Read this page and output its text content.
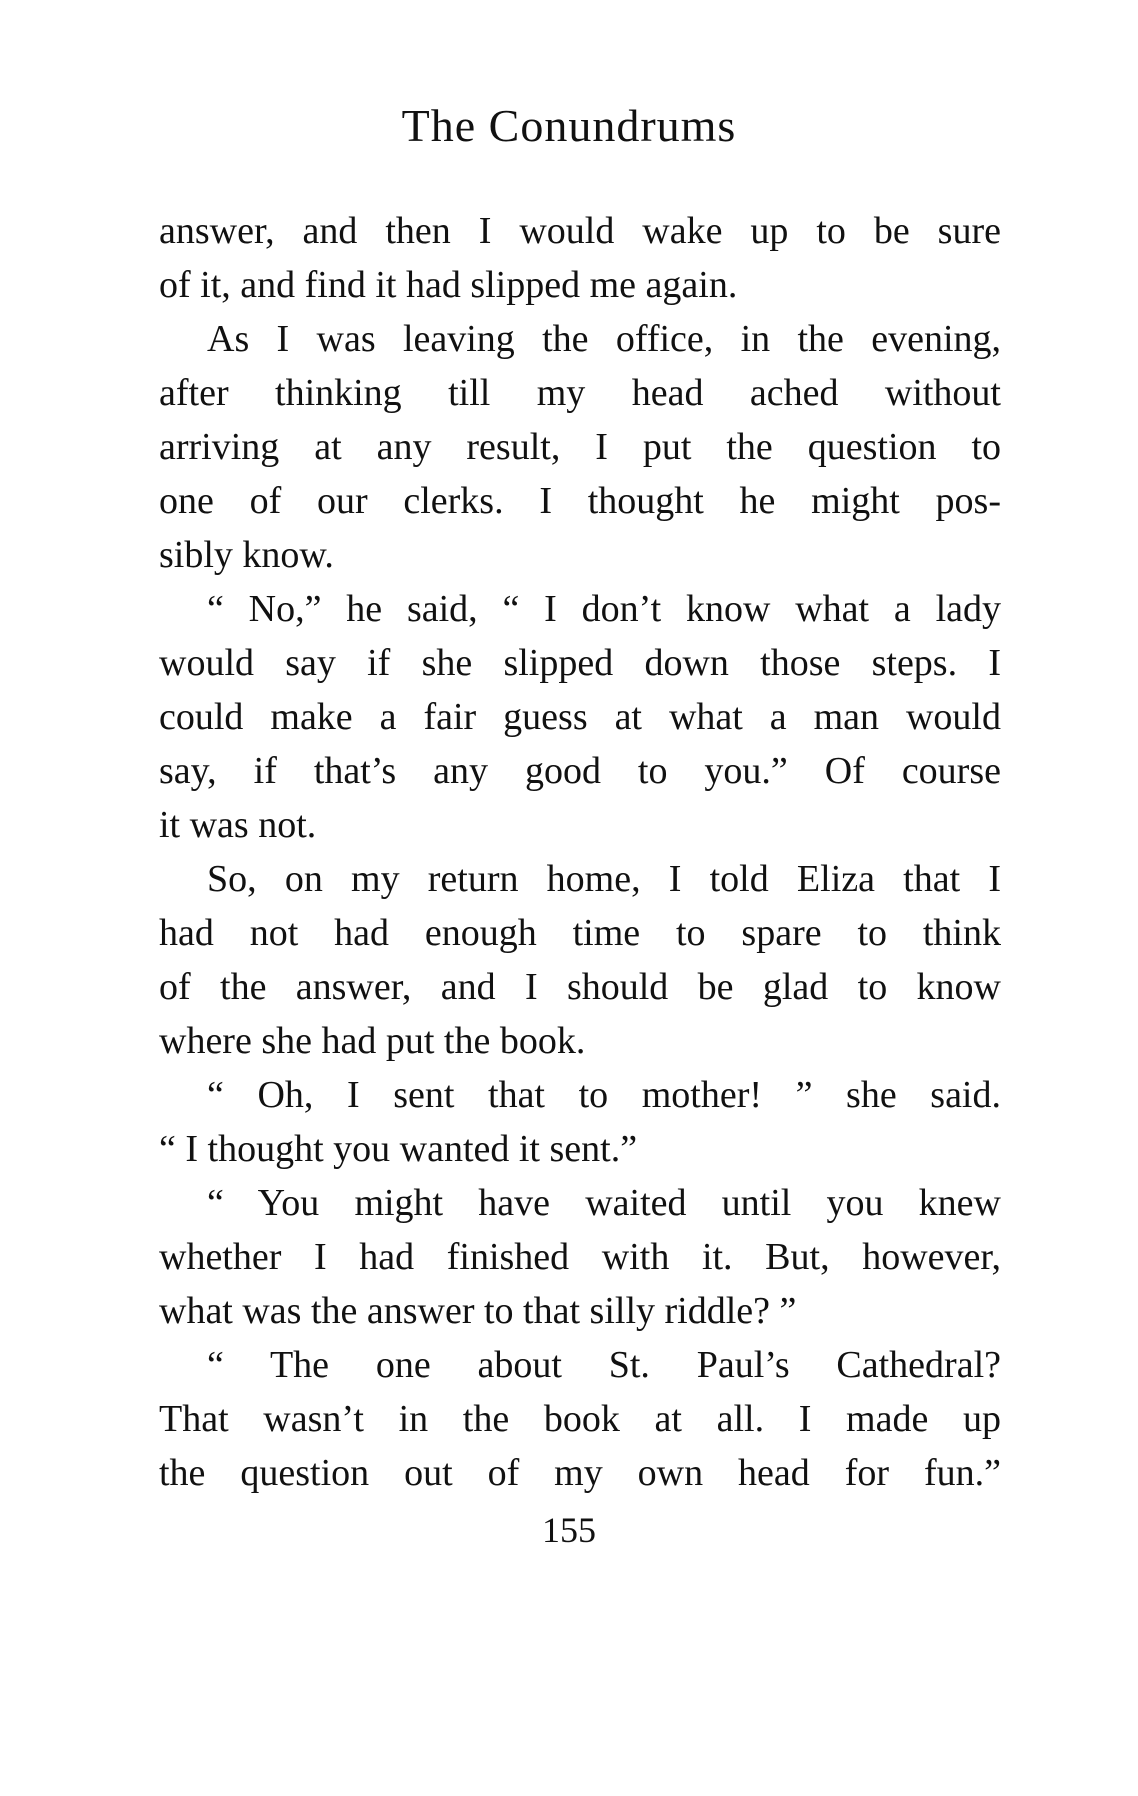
The Conundrums
answer, and then I would wake up to be sure
of it, and find it had slipped me again.
As I was leaving the office, in the evening,
after thinking till my head ached without
arriving at any result, I put the question to
one of our clerks. I thought he might pos-
sibly know.
“ No,” he said, “ I don’t know what a lady
would say if she slipped down those steps. I
could make a fair guess at what a man would
say, if that’s any good to you.” Of course
it was not.
So, on my return home, I told Eliza that I
had not had enough time to spare to think
of the answer, and I should be glad to know
where she had put the book.
“ Oh, I sent that to mother! ” she said.
“ I thought you wanted it sent.”
“ You might have waited until you knew
whether I had finished with it. But, however,
what was the answer to that silly riddle? ”
“ The one about St. Paul’s Cathedral?
That wasn’t in the book at all. I made up
the question out of my own head for fun.”
155
